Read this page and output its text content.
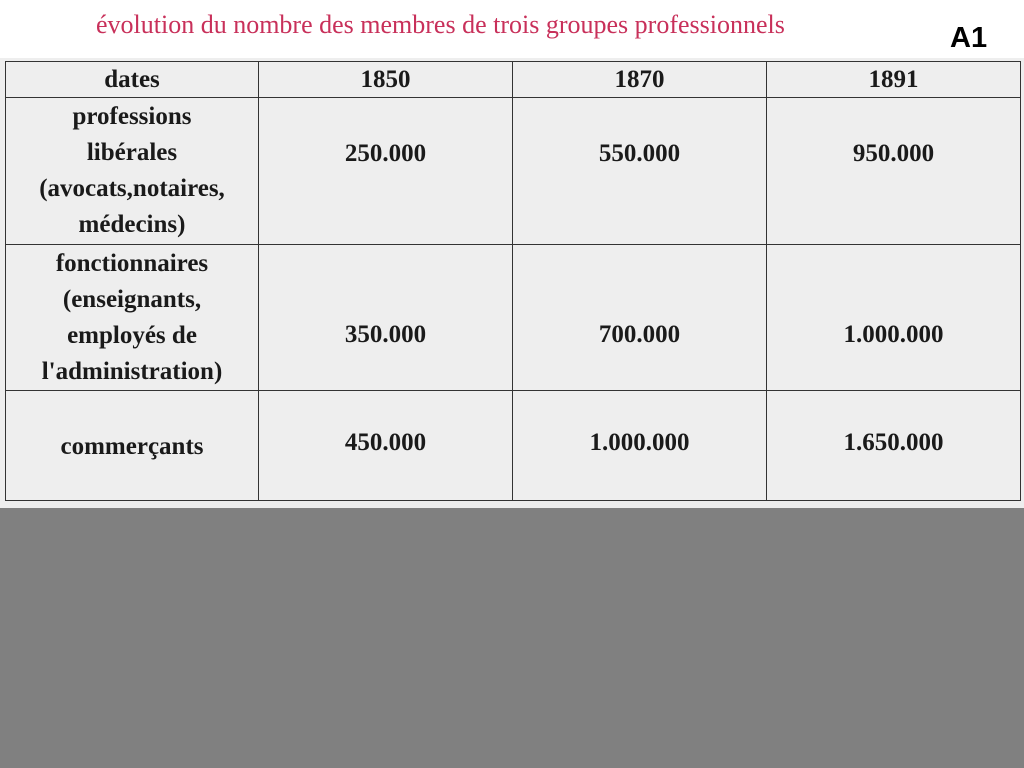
évolution du nombre des membres de trois groupes professionnels	A1
dates	1850	1870	1891

professions
libérales
(avocats,notaires,
médecins)	250.000	550.000	950.000

fonctionnaires
(enseignants,
employés de
l'administration)	350.000	700.000	1.000.000

commerçants	450.000	1.000.000	1.650.000
